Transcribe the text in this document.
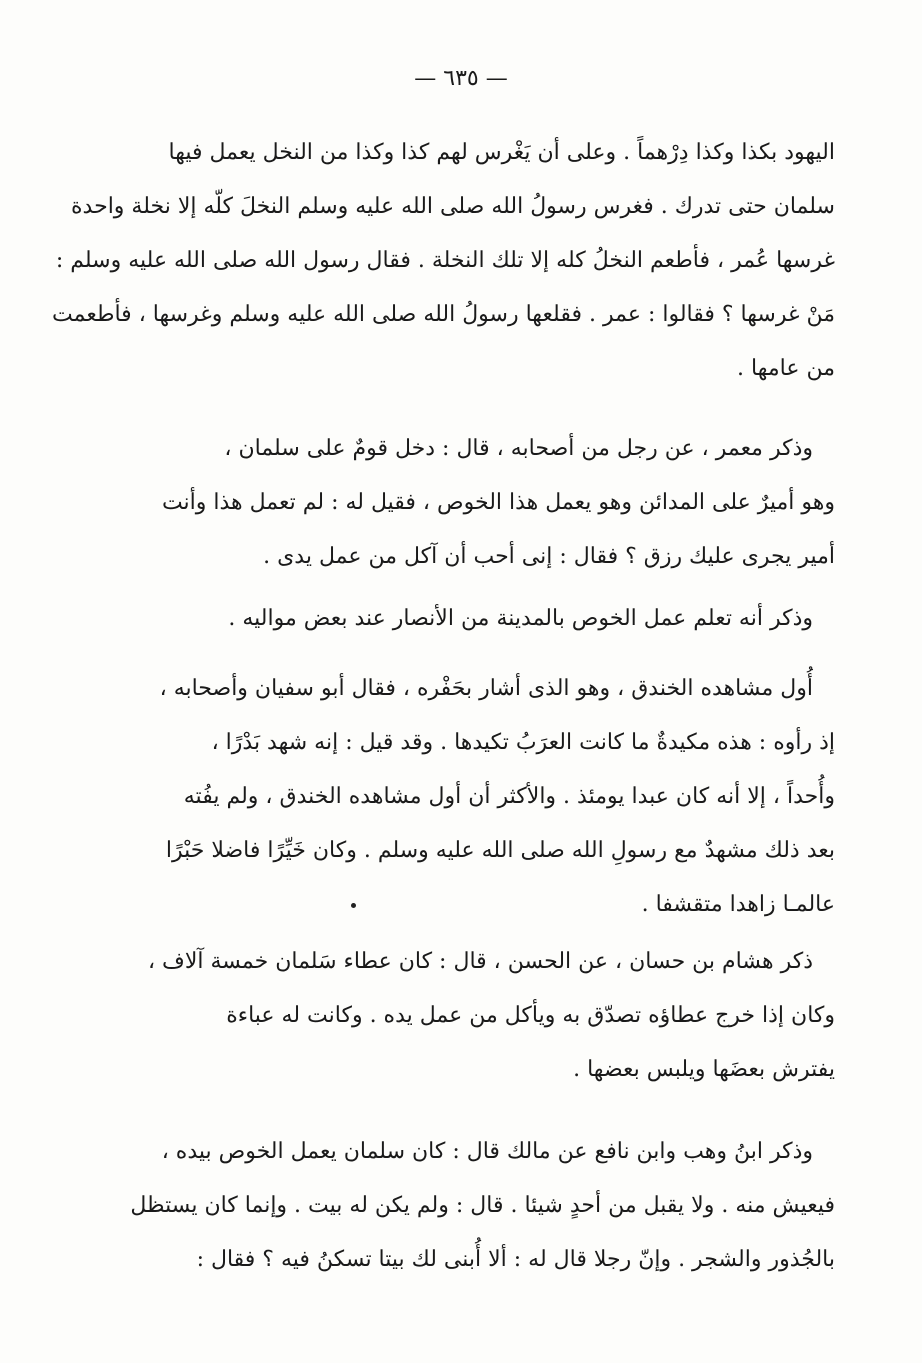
— ٦٣٥ —
اليهود بكذا وكذا دِرْهماً . وعلى أن يَغْرس لهم كذا وكذا من النخل يعمل فيها
سلمان حتى تدرك . فغرس رسولُ الله صلى الله عليه وسلم النخلَ كلّه إلا نخلة واحدة
غرسها عُمر ، فأطعم النخلُ كله إلا تلك النخلة . فقال رسول الله صلى الله عليه وسلم :
مَنْ غرسها ؟ فقالوا : عمر . فقلعها رسولُ الله صلى الله عليه وسلم وغرسها ، فأطعمت
من عامها .
وذكر معمر ، عن رجل من أصحابه ، قال : دخل قومٌ على سلمان ،
وهو أميرٌ على المدائن وهو يعمل هذا الخوص ، فقيل له : لم تعمل هذا وأنت
أمير يجرى عليك رزق ؟ فقال : إنى أحب أن آكل من عمل يدى .
وذكر أنه تعلم عمل الخوص بالمدينة من الأنصار عند بعض مواليه .
أُول مشاهده الخندق ، وهو الذى أشار بحَفْره ، فقال أبو سفيان وأصحابه ،
إذ رأوه : هذه مكيدةٌ ما كانت العرَبُ تكيدها . وقد قيل : إنه شهد بَدْرًا ،
وأُحداً ، إلا أنه كان عبدا يومئذ . والأكثر أن أول مشاهده الخندق ، ولم يفُته
بعد ذلك مشهدٌ مع رسولِ الله صلى الله عليه وسلم . وكان خَيِّرًا فاضلا حَبْرًا
عالمـا زاهدا متقشفا .
ذكر هشام بن حسان ، عن الحسن ، قال : كان عطاء سَلمان خمسة آلاف ،
وكان إذا خرج عطاؤه تصدّق به ويأكل من عمل يده . وكانت له عباءة
يفترش بعضَها ويلبس بعضها .
وذكر ابنُ وهب وابن نافع عن مالك قال : كان سلمان يعمل الخوص بيده ،
فيعيش منه . ولا يقبل من أحدٍ شيئا . قال : ولم يكن له بيت . وإنما كان يستظل
بالجُذور والشجر . وإنّ رجلا قال له : ألا أُبنى لك بيتا تسكنُ فيه ؟ فقال :
